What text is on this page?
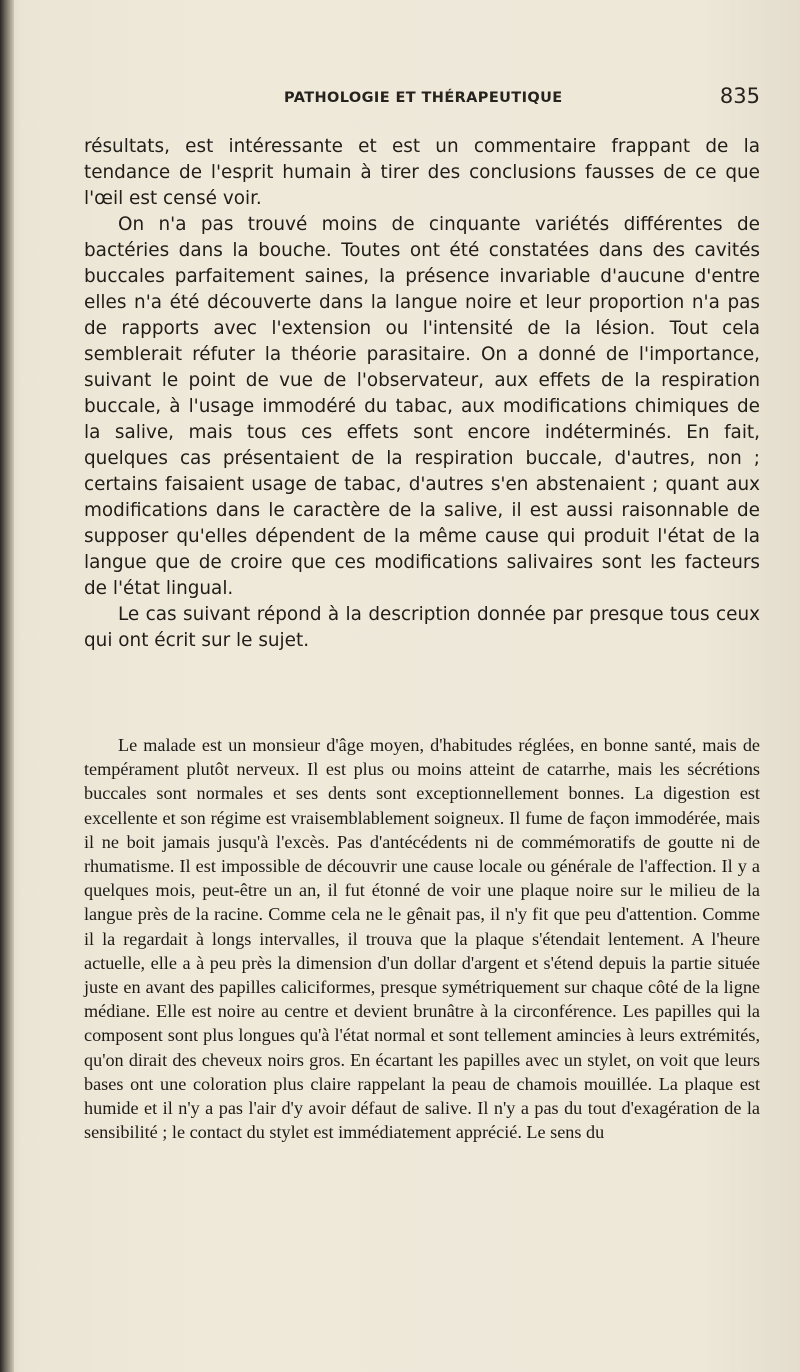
PATHOLOGIE ET THÉRAPEUTIQUE	835

résultats, est intéressante et est un commentaire frappant de la tendance de l'esprit humain à tirer des conclusions fausses de ce que l'œil est censé voir.

On n'a pas trouvé moins de cinquante variétés différentes de bactéries dans la bouche. Toutes ont été constatées dans des cavités buccales parfaitement saines, la présence invariable d'aucune d'entre elles n'a été découverte dans la langue noire et leur proportion n'a pas de rapports avec l'extension ou l'intensité de la lésion. Tout cela semblerait réfuter la théorie parasitaire. On a donné de l'importance, suivant le point de vue de l'observateur, aux effets de la respiration buccale, à l'usage immodéré du tabac, aux modifications chimiques de la salive, mais tous ces effets sont encore indéterminés. En fait, quelques cas présentaient de la respiration buccale, d'autres, non ; certains faisaient usage de tabac, d'autres s'en abstenaient ; quant aux modifications dans le caractère de la salive, il est aussi raisonnable de supposer qu'elles dépendent de la même cause qui produit l'état de la langue que de croire que ces modifications salivaires sont les facteurs de l'état lingual.

Le cas suivant répond à la description donnée par presque tous ceux qui ont écrit sur le sujet.

Le malade est un monsieur d'âge moyen, d'habitudes réglées, en bonne santé, mais de tempérament plutôt nerveux. Il est plus ou moins atteint de catarrhe, mais les sécrétions buccales sont normales et ses dents sont exceptionnellement bonnes. La digestion est excellente et son régime est vraisemblablement soigneux. Il fume de façon immodérée, mais il ne boit jamais jusqu'à l'excès. Pas d'antécédents ni de commémoratifs de goutte ni de rhumatisme. Il est impossible de découvrir une cause locale ou générale de l'affection. Il y a quelques mois, peut-être un an, il fut étonné de voir une plaque noire sur le milieu de la langue près de la racine. Comme cela ne le gênait pas, il n'y fit que peu d'attention. Comme il la regardait à longs intervalles, il trouva que la plaque s'étendait lentement. A l'heure actuelle, elle a à peu près la dimension d'un dollar d'argent et s'étend depuis la partie située juste en avant des papilles caliciformes, presque symétriquement sur chaque côté de la ligne médiane. Elle est noire au centre et devient brunâtre à la circonférence. Les papilles qui la composent sont plus longues qu'à l'état normal et sont tellement amincies à leurs extrémités, qu'on dirait des cheveux noirs gros. En écartant les papilles avec un stylet, on voit que leurs bases ont une coloration plus claire rappelant la peau de chamois mouillée. La plaque est humide et il n'y a pas l'air d'y avoir défaut de salive. Il n'y a pas du tout d'exagération de la sensibilité ; le contact du stylet est immédiatement apprécié. Le sens du
